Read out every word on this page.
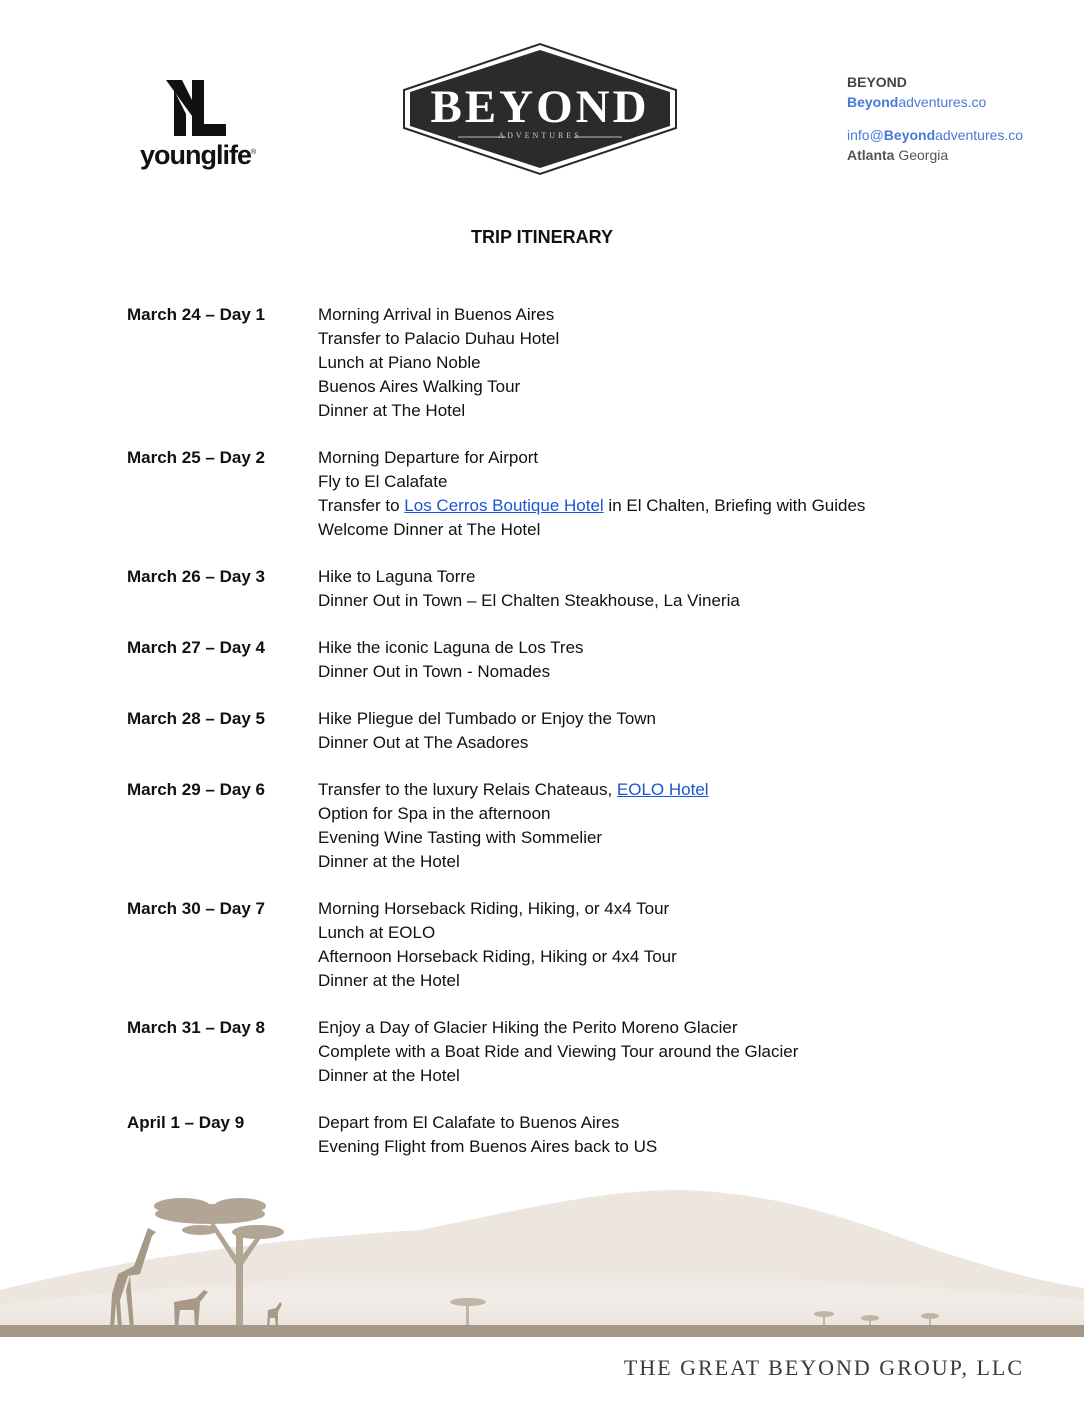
younglife®
BEYOND
ADVENTURES
BEYOND
Beyondadventures.co
info@Beyondadventures.co
Atlanta Georgia
TRIP ITINERARY
March 24 – Day 1	Morning Arrival in Buenos Aires
Transfer to Palacio Duhau Hotel
Lunch at Piano Noble
Buenos Aires Walking Tour
Dinner at The Hotel
March 25 – Day 2	Morning Departure for Airport
Fly to El Calafate
Transfer to Los Cerros Boutique Hotel in El Chalten, Briefing with Guides
Welcome Dinner at The Hotel
March 26 – Day 3	Hike to Laguna Torre
Dinner Out in Town – El Chalten Steakhouse, La Vineria
March 27 – Day 4	Hike the iconic Laguna de Los Tres
Dinner Out in Town - Nomades
March 28 – Day 5	Hike Pliegue del Tumbado or Enjoy the Town
Dinner Out at The Asadores
March 29 – Day 6	Transfer to the luxury Relais Chateaus, EOLO Hotel
Option for Spa in the afternoon
Evening Wine Tasting with Sommelier
Dinner at the Hotel
March 30 – Day 7	Morning Horseback Riding, Hiking, or 4x4 Tour
Lunch at EOLO
Afternoon Horseback Riding, Hiking or 4x4 Tour
Dinner at the Hotel
March 31 – Day 8	Enjoy a Day of Glacier Hiking the Perito Moreno Glacier
Complete with a Boat Ride and Viewing Tour around the Glacier
Dinner at the Hotel
April 1 – Day 9	Depart from El Calafate to Buenos Aires
Evening Flight from Buenos Aires back to US
THE GREAT BEYOND GROUP, LLC
